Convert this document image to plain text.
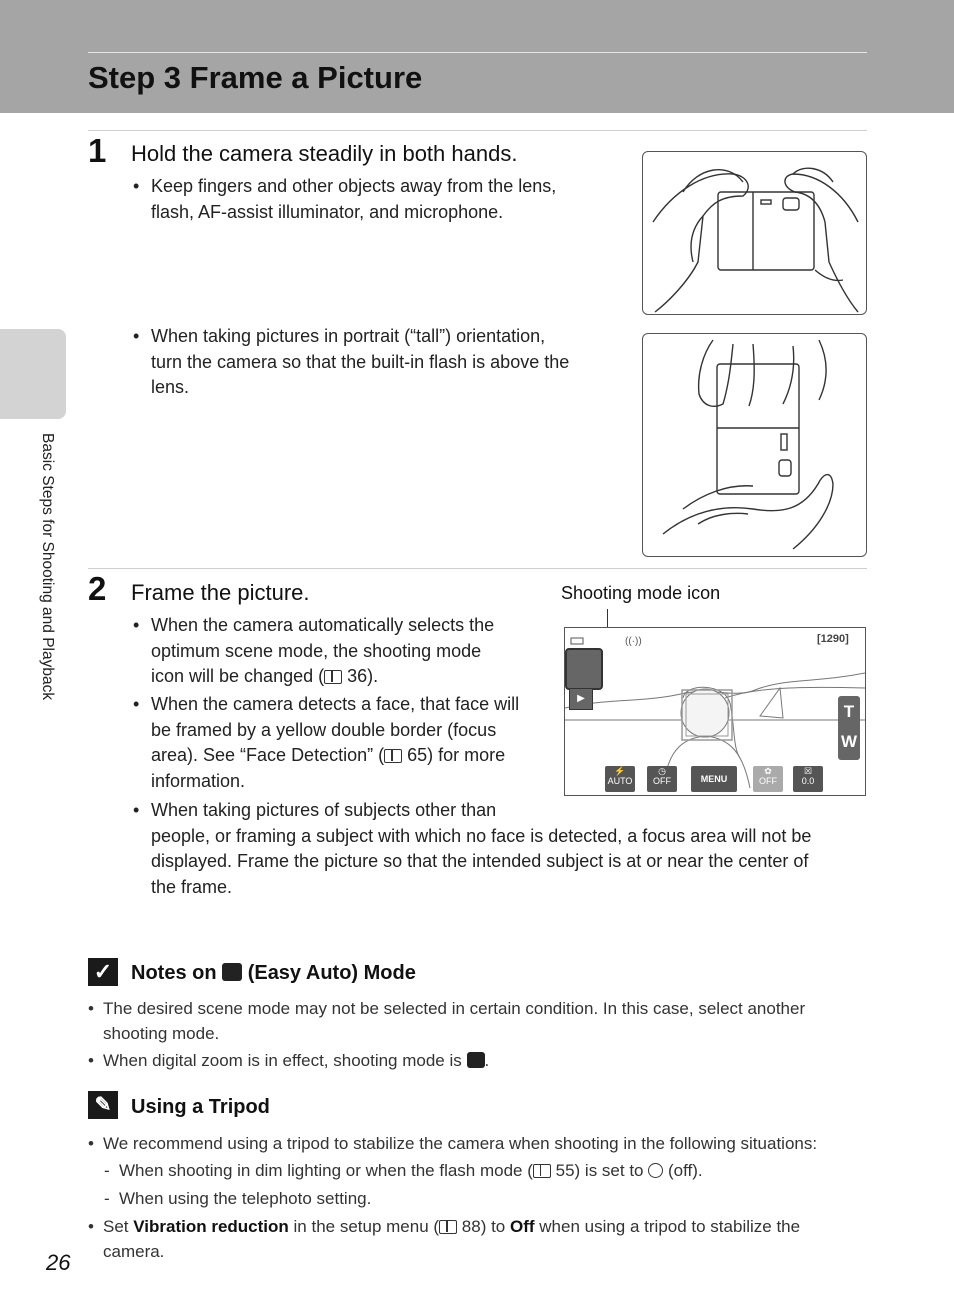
Step 3 Frame a Picture
Basic Steps for Shooting and Playback
1 Hold the camera steadily in both hands.
• Keep fingers and other objects away from the lens,
flash, AF-assist illuminator, and microphone.
• When taking pictures in portrait (“tall”) orientation,
turn the camera so that the built-in flash is above the
lens.
2 Frame the picture.	Shooting mode icon
• When the camera automatically selects the
optimum scene mode, the shooting mode
icon will be changed ( 36).
• When the camera detects a face, that face will
be framed by a yellow double border (focus
area). See “Face Detection” ( 65) for more
information.
• When taking pictures of subjects other than
people, or framing a subject with which no face is detected, a focus area will not be
displayed. Frame the picture so that the intended subject is at or near the center of
the frame.
▶
((·))	[1290]
T
W
⚡
AUTO
◷
OFF	MENU
✿
OFF
☒
0.0
✓ Notes on (Easy Auto) Mode
• The desired scene mode may not be selected in certain condition. In this case, select another
shooting mode.
• When digital zoom is in effect, shooting mode is .
✎ Using a Tripod
• We recommend using a tripod to stabilize the camera when shooting in the following situations:
- When shooting in dim lighting or when the flash mode ( 55) is set to  (off).
- When using the telephoto setting.
• Set Vibration reduction in the setup menu ( 88) to Off when using a tripod to stabilize the
camera.
26
